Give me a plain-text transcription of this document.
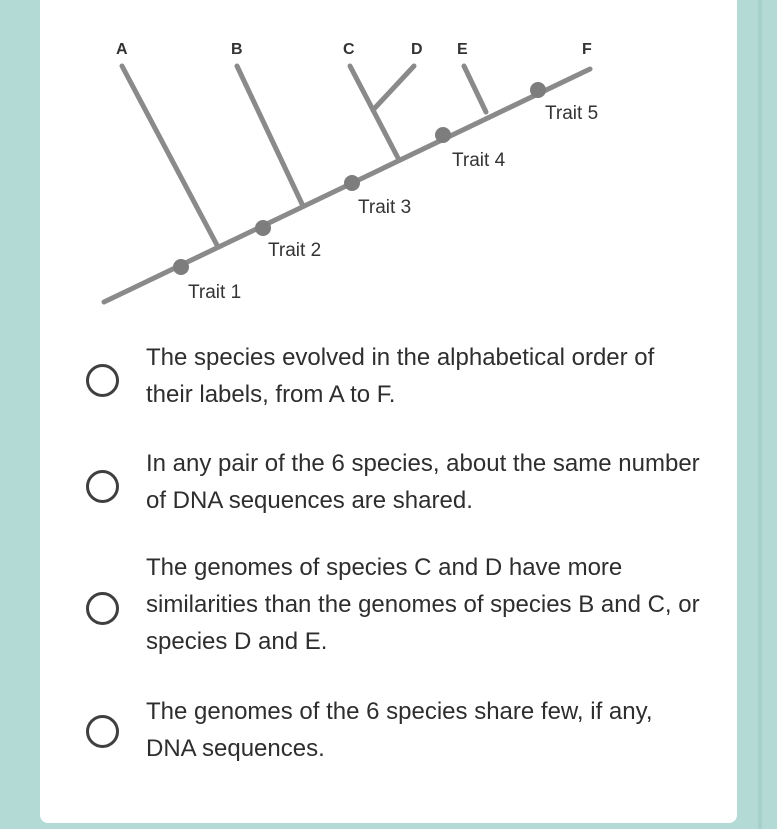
A	B	C	D E	F
Trait 1
Trait 2
Trait 3
Trait 4
Trait 5
The species evolved in the alphabetical order of their labels, from A to F.
In any pair of the 6 species, about the same number of DNA sequences are shared.
The genomes of species C and D have more similarities than the genomes of species B and C, or species D and E.
The genomes of the 6 species share few, if any, DNA sequences.
